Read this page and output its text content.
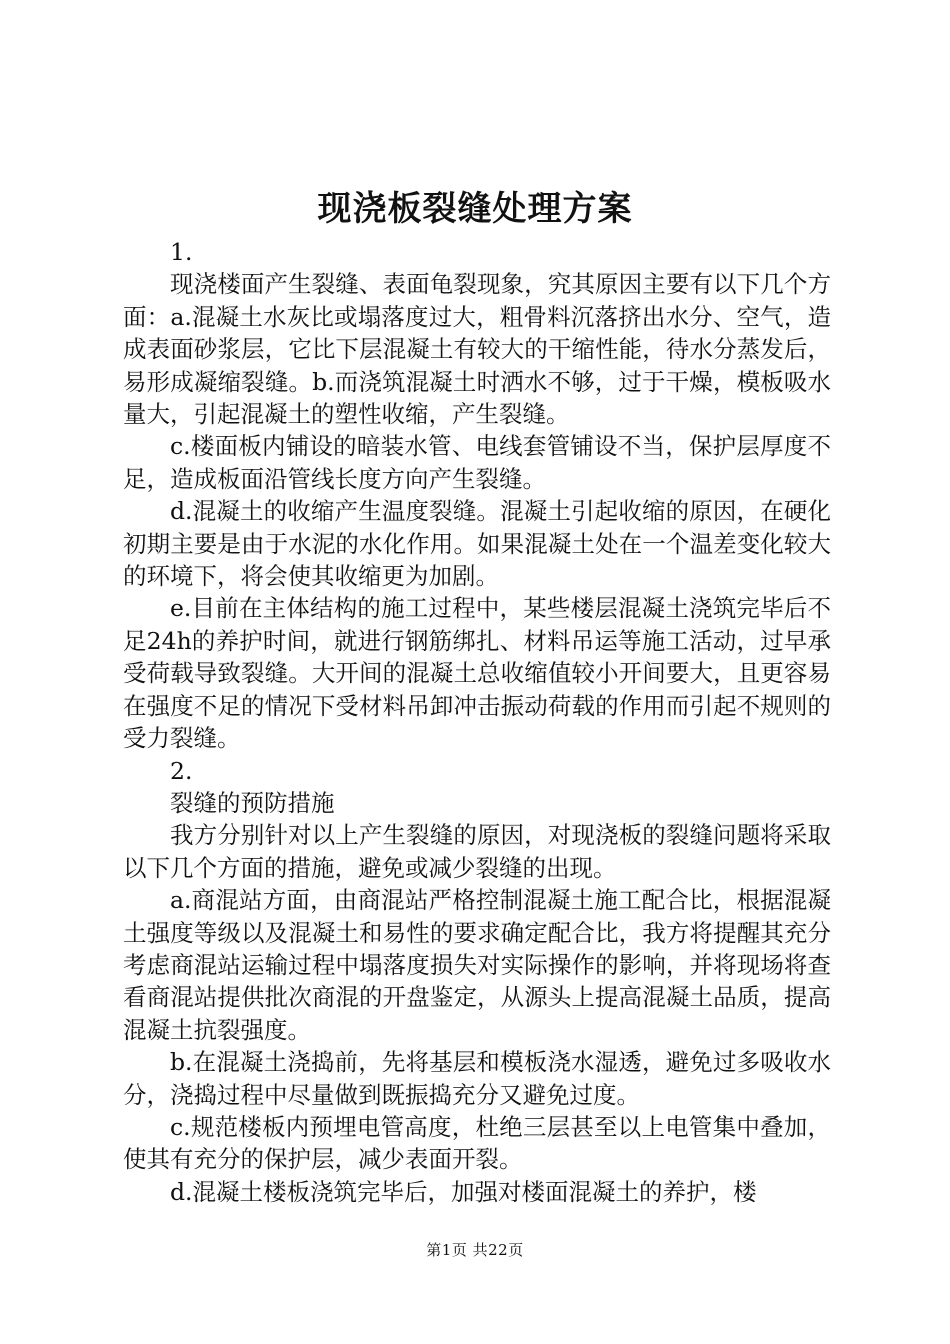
现浇板裂缝处理方案

1.

现浇楼面产生裂缝、表面龟裂现象，究其原因主要有以下几个方面：a.混凝土水灰比或塌落度过大，粗骨料沉落挤出水分、空气，造成表面砂浆层，它比下层混凝土有较大的干缩性能，待水分蒸发后，易形成凝缩裂缝。b.而浇筑混凝土时洒水不够，过于干燥，模板吸水量大，引起混凝土的塑性收缩，产生裂缝。

c.楼面板内铺设的暗装水管、电线套管铺设不当，保护层厚度不足，造成板面沿管线长度方向产生裂缝。

d.混凝土的收缩产生温度裂缝。混凝土引起收缩的原因，在硬化初期主要是由于水泥的水化作用。如果混凝土处在一个温差变化较大的环境下，将会使其收缩更为加剧。

e.目前在主体结构的施工过程中，某些楼层混凝土浇筑完毕后不足24h的养护时间，就进行钢筋绑扎、材料吊运等施工活动，过早承受荷载导致裂缝。大开间的混凝土总收缩值较小开间要大，且更容易在强度不足的情况下受材料吊卸冲击振动荷载的作用而引起不规则的受力裂缝。

2.

裂缝的预防措施

我方分别针对以上产生裂缝的原因，对现浇板的裂缝问题将采取以下几个方面的措施，避免或减少裂缝的出现。

a.商混站方面，由商混站严格控制混凝土施工配合比，根据混凝土强度等级以及混凝土和易性的要求确定配合比，我方将提醒其充分考虑商混站运输过程中塌落度损失对实际操作的影响，并将现场将查看商混站提供批次商混的开盘鉴定，从源头上提高混凝土品质，提高混凝土抗裂强度。

b.在混凝土浇捣前，先将基层和模板浇水湿透，避免过多吸收水分，浇捣过程中尽量做到既振捣充分又避免过度。

c.规范楼板内预埋电管高度，杜绝三层甚至以上电管集中叠加，使其有充分的保护层，减少表面开裂。

d.混凝土楼板浇筑完毕后，加强对楼面混凝土的养护，楼

第1页 共22页
